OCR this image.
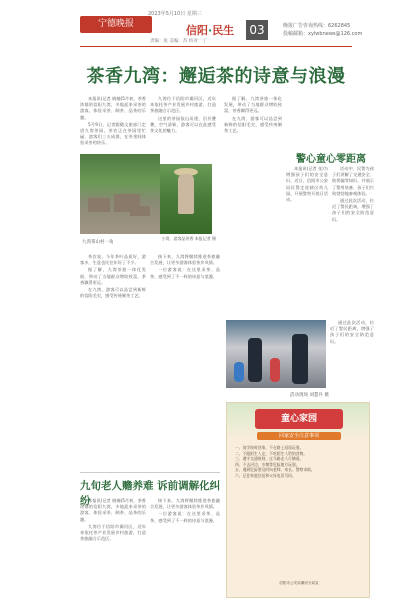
宁德晚报
2023年5月10日 星期三
信阳·民生 03
责编：张 美编：苏 校对：丁
晚报广告咨询热线：6262845
投稿邮箱：xylwbnews@126.com
茶香九湾：邂逅茶的诗意与浪漫
本报讯(记者 晓楠)5月初，茶香浓郁的信阳九湾，多地迎来采茶的游客，体验采茶、制茶、品茶的乐趣。
5月9日，记者跟随文旅部门走进九湾茶园，茶农正在茶园里忙碌，游客们三五成群，在茶垄间体验采茶的快乐。
九湾位于信阳市浉河区，近年来依托茶产业发展乡村旅游，打造茶旅融合示范区。
这里的茶园依山而建，层层叠叠，空气清新，游客可以在此感受茶文化的魅力。
九湾茶山村一角
小湾，游客品茶香 本报记者 摄
茶农说，今年茶叶品质好，游客多，生意也比往年好了不少。
据了解，九湾茶旅一体化发展，带动了当地群众增收致富，茶香飘得更远。
在九湾，游客可以品尝到新鲜的信阳毛尖，感受传统制茶工艺。
接下来，九湾将继续推进茶旅融合发展，让更多游客体验茶乡风情。
一位游客说：在这里采茶、品茶，感受到了不一样的诗意与浪漫。
据了解，九湾茶旅一体化发展，带动了当地群众增收致富，茶香飘得更远。
在九湾，游客可以品尝到新鲜的信阳毛尖，感受传统制茶工艺。
警心童心零距离
本报讯(记者 张)为增强孩子们的安全意识，近日，信阳市公安局民警走进辖区幼儿园，开展警营开放日活动。
活动中，民警为孩子们讲解了交通安全、防拐骗等知识，并展示了警用装备，孩子们兴致勃勃地参观体验。
通过此次活动，拉近了警民距离，增强了孩子们的安全防范意识。
通过此次活动，拉近了警民距离，增强了孩子们的安全防范意识。
活动现场 刘慧丹 摄
童心家园
回家安全注意事项
一、放学按时回家，不在路上逗留玩耍。
二、不跟陌生人走，不吃陌生人给的食物。
三、遵守交通规则，过马路走人行横道。
四、不去河边、水塘等危险地方玩耍。
五、遇到危险要及时向老师、家长、警察求助。
六、记住家庭住址和父母电话号码。
信阳市公安局浉河分局宣
九旬老人赡养难 诉前调解化纠纷
本报讯(记者 晓楠)5月初，茶香浓郁的信阳九湾，多地迎来采茶的游客，体验采茶、制茶、品茶的乐趣。
九湾位于信阳市浉河区，近年来依托茶产业发展乡村旅游，打造茶旅融合示范区。
接下来，九湾将继续推进茶旅融合发展，让更多游客体验茶乡风情。
一位游客说：在这里采茶、品茶，感受到了不一样的诗意与浪漫。
